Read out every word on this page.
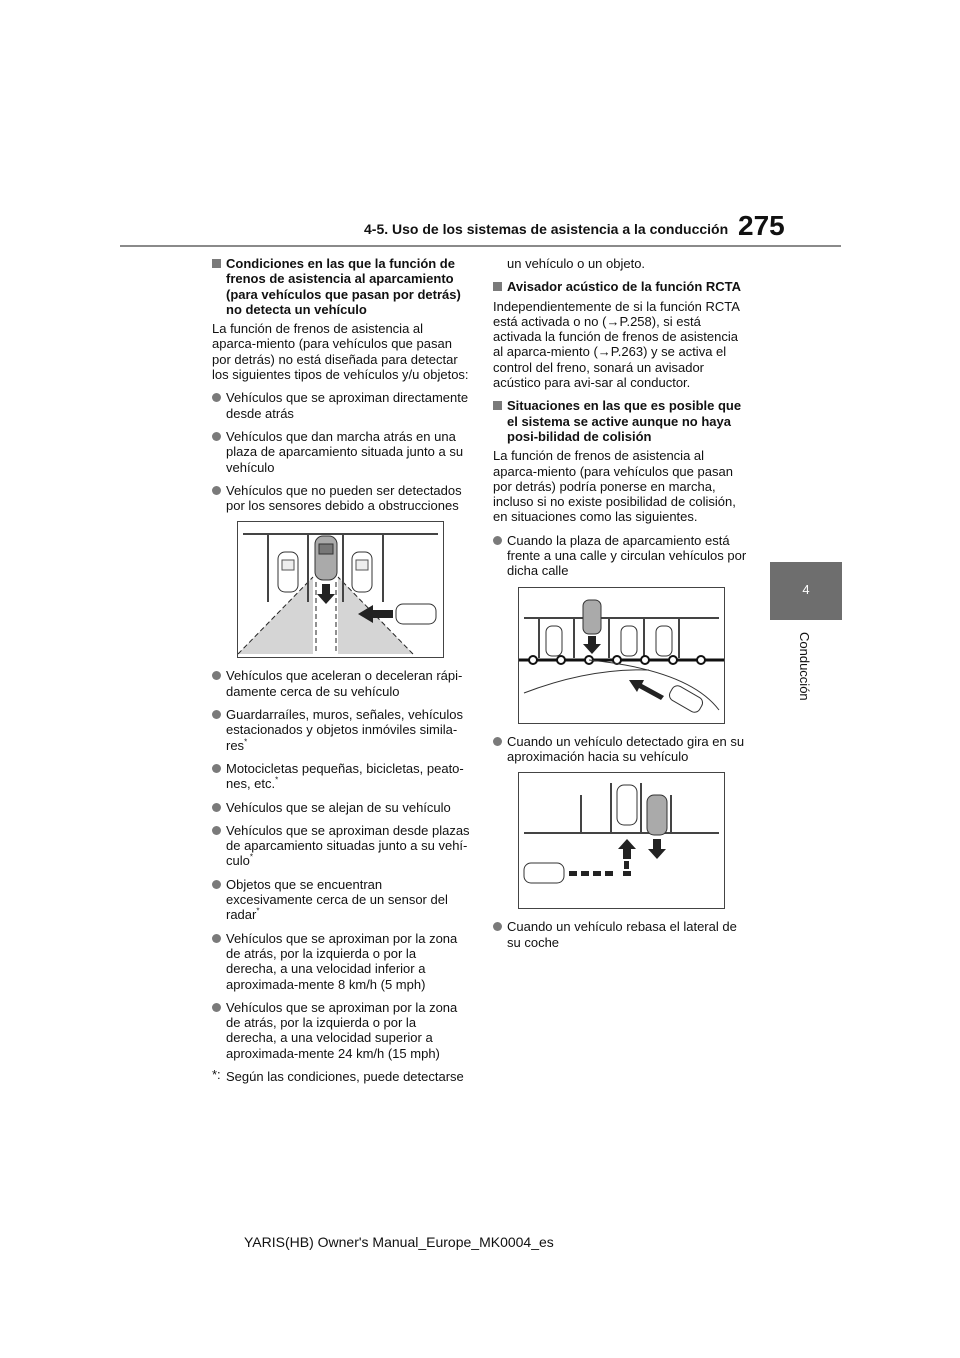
4-5. Uso de los sistemas de asistencia a la conducción 275
4
Conducción
Condiciones en las que la función de frenos de asistencia al aparcamiento (para vehículos que pasan por detrás) no detecta un vehículo

La función de frenos de asistencia al aparca-miento (para vehículos que pasan por detrás) no está diseñada para detectar los siguientes tipos de vehículos y/u objetos:

Vehículos que se aproximan directamente desde atrás
Vehículos que dan marcha atrás en una plaza de aparcamiento situada junto a su vehículo
Vehículos que no pueden ser detectados por los sensores debido a obstrucciones
Vehículos que aceleran o deceleran rápi-damente cerca de su vehículo
Guardarraíles, muros, señales, vehículos estacionados y objetos inmóviles simila-res*
Motocicletas pequeñas, bicicletas, peato-nes, etc.*
Vehículos que se alejan de su vehículo
Vehículos que se aproximan desde plazas de aparcamiento situadas junto a su vehí-culo*
Objetos que se encuentran excesivamente cerca de un sensor del radar*
Vehículos que se aproximan por la zona de atrás, por la izquierda o por la derecha, a una velocidad inferior a aproximada-mente 8 km/h (5 mph)
Vehículos que se aproximan por la zona de atrás, por la izquierda o por la derecha, a una velocidad superior a aproximada-mente 24 km/h (15 mph)

*: Según las condiciones, puede detectarse

un vehículo o un objeto.

Avisador acústico de la función RCTA

Independientemente de si la función RCTA está activada o no (→P.258), si está activada la función de frenos de asistencia al aparca-miento (→P.263) y se activa el control del freno, sonará un avisador acústico para avi-sar al conductor.

Situaciones en las que es posible que el sistema se active aunque no haya posi-bilidad de colisión

La función de frenos de asistencia al aparca-miento (para vehículos que pasan por detrás) podría ponerse en marcha, incluso si no existe posibilidad de colisión, en situaciones como las siguientes.

Cuando la plaza de aparcamiento está frente a una calle y circulan vehículos por dicha calle
Cuando un vehículo detectado gira en su aproximación hacia su vehículo
Cuando un vehículo rebasa el lateral de su coche
YARIS(HB) Owner's Manual_Europe_MK0004_es
